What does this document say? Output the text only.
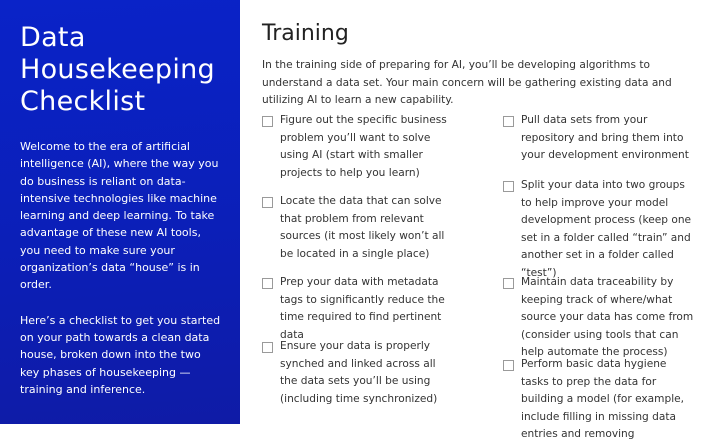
Data
Housekeeping
Checklist

Welcome to the era of artificial intelligence (AI), where the way you do business is reliant on data-intensive technologies like machine learning and deep learning. To take advantage of these new AI tools, you need to make sure your organization’s data “house” is in order.

Here’s a checklist to get you started on your path towards a clean data house, broken down into the two key phases of housekeeping — training and inference.

Training

In the training side of preparing for AI, you’ll be developing algorithms to understand a data set. Your main concern will be gathering existing data and utilizing AI to learn a new capability.

Figure out the specific business problem you’ll want to solve using AI (start with smaller projects to help you learn)

Locate the data that can solve that problem from relevant sources (it most likely won’t all be located in a single place)

Prep your data with metadata tags to significantly reduce the time required to find pertinent data

Ensure your data is properly synched and linked across all the data sets you’ll be using (including time synchronized)

Pull data sets from your repository and bring them into your development environment

Split your data into two groups to help improve your model development process (keep one set in a folder called “train” and another set in a folder called “test”)

Maintain data traceability by keeping track of where/what source your data has come from (consider using tools that can help automate the process)

Perform basic data hygiene tasks to prep the data for building a model (for example, include filling in missing data entries and removing
